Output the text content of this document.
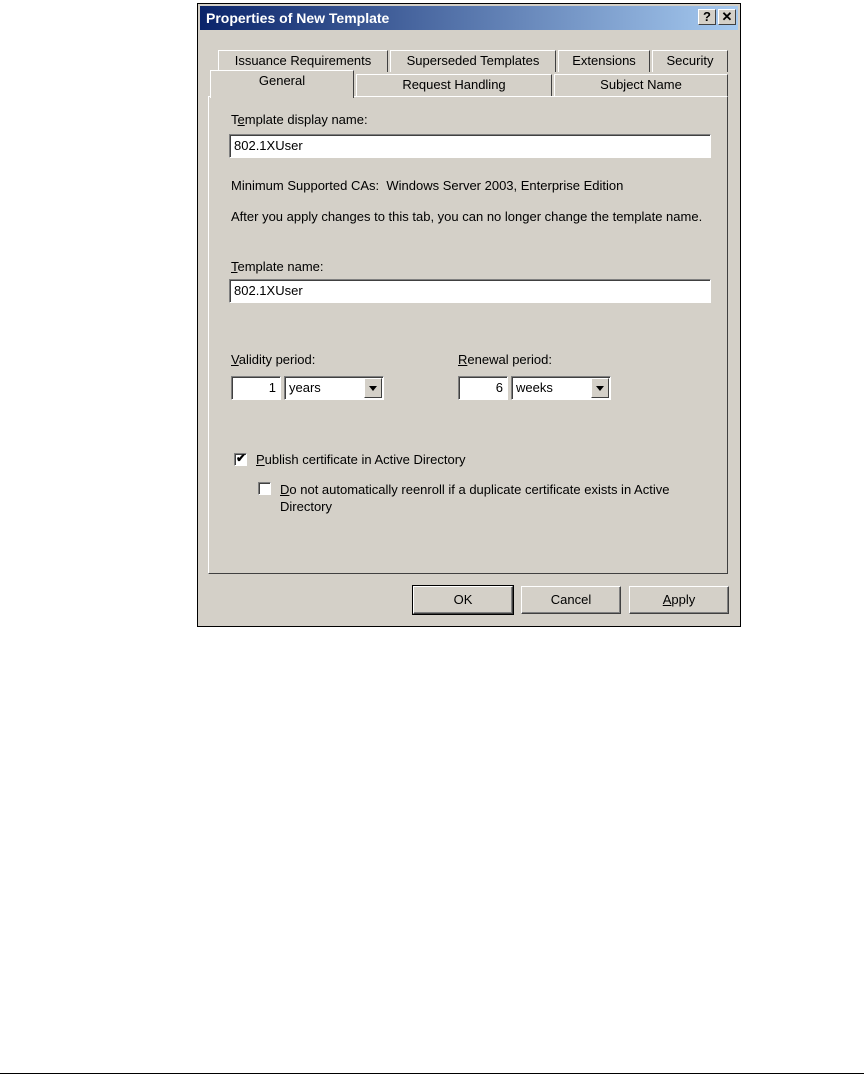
Properties of New Template	? ✕
Issuance Requirements	Superseded Templates	Extensions	Security
General	Request Handling	Subject Name
Template display name:
802.1XUser
Minimum Supported CAs: Windows Server 2003, Enterprise Edition
After you apply changes to this tab, you can no longer change the template name.
Template name:
802.1XUser
Validity period:
1	years
Renewal period:
6	weeks
✔ Publish certificate in Active Directory
Do not automatically reenroll if a duplicate certificate exists in Active
Directory
OK	Cancel	Apply
